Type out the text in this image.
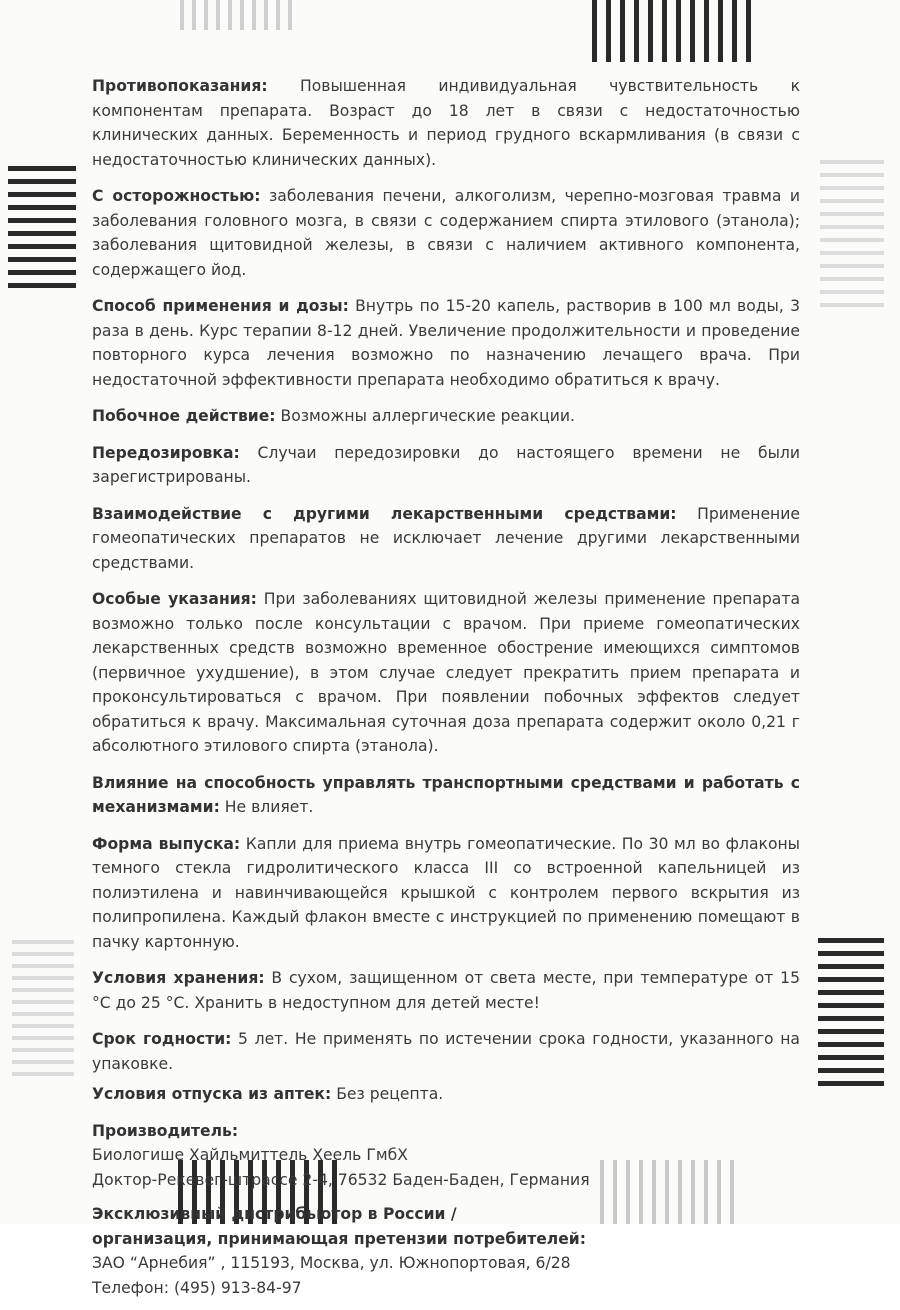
Противопоказания: Повышенная индивидуальная чувствительность к компонентам препарата. Возраст до 18 лет в связи с недостаточностью клинических данных. Беременность и период грудного вскармливания (в связи с недостаточностью клинических данных).

С осторожностью: заболевания печени, алкоголизм, черепно-мозговая травма и заболевания головного мозга, в связи с содержанием спирта этилового (этанола); заболевания щитовидной железы, в связи с наличием активного компонента, содержащего йод.

Способ применения и дозы: Внутрь по 15-20 капель, растворив в 100 мл воды, 3 раза в день. Курс терапии 8-12 дней. Увеличение продолжительности и проведение повторного курса лечения возможно по назначению лечащего врача. При недостаточной эффективности препарата необходимо обратиться к врачу.

Побочное действие: Возможны аллергические реакции.

Передозировка: Случаи передозировки до настоящего времени не были зарегистрированы.

Взаимодействие с другими лекарственными средствами: Применение гомеопатических препаратов не исключает лечение другими лекарственными средствами.

Особые указания: При заболеваниях щитовидной железы применение препарата возможно только после консультации с врачом. При приеме гомеопатических лекарственных средств возможно временное обострение имеющихся симптомов (первичное ухудшение), в этом случае следует прекратить прием препарата и проконсультироваться с врачом. При появлении побочных эффектов следует обратиться к врачу. Максимальная суточная доза препарата содержит около 0,21 г абсолютного этилового спирта (этанола).

Влияние на способность управлять транспортными средствами и работать с механизмами: Не влияет.

Форма выпуска: Капли для приема внутрь гомеопатические. По 30 мл во флаконы темного стекла гидролитического класса III со встроенной капельницей из полиэтилена и навинчивающейся крышкой с контролем первого вскрытия из полипропилена. Каждый флакон вместе с инструкцией по применению помещают в пачку картонную.

Условия хранения: В сухом, защищенном от света месте, при температуре от 15 °С до 25 °С. Хранить в недоступном для детей месте!

Срок годности: 5 лет. Не применять по истечении срока годности, указанного на упаковке.

Условия отпуска из аптек: Без рецепта.

Производитель:
Биологише Хайльмиттель Хеель ГмбХ
Доктор-Рекевег-штрассе 2-4, 76532 Баден-Баден, Германия
Эксклюзивный дистрибьютор в России /
организация, принимающая претензии потребителей:
ЗАО “Арнебия” , 115193, Москва, ул. Южнопортовая, 6/28
Телефон: (495) 913-84-97
